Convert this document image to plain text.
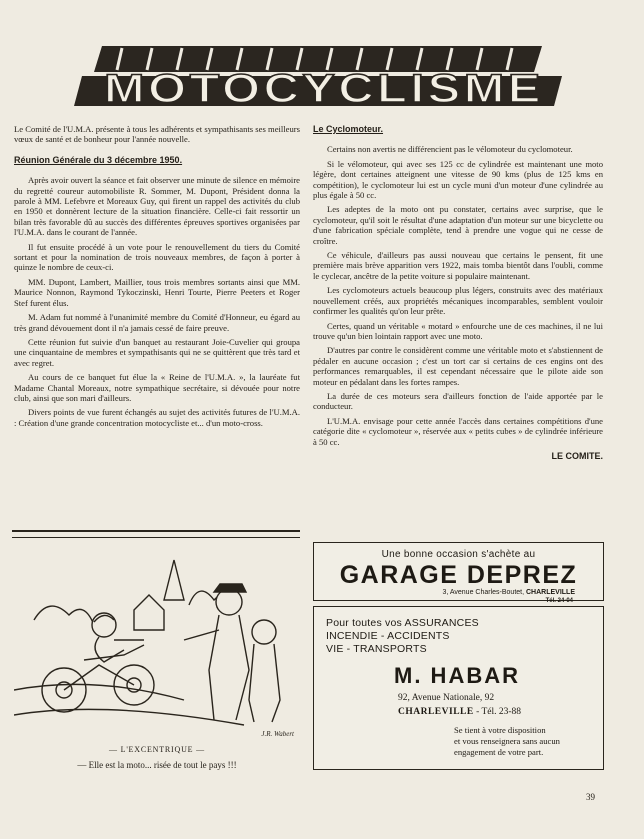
MOTOCYCLISME

Le Comité de l'U.M.A. présente à tous les adhérents et sympathisants ses meilleurs vœux de santé et de bonheur pour l'année nouvelle.

Réunion Générale du 3 décembre 1950.

Après avoir ouvert la séance et fait observer une minute de silence en mémoire du regretté coureur automobiliste R. Sommer, M. Dupont, Président donna la parole à MM. Lefebvre et Moreaux Guy, qui firent un rappel des activités du club en 1950 et donnèrent lecture de la situation financière. Celle-ci fait ressortir un bilan très favorable dû au succès des différentes épreuves sportives organisées par l'U.M.A. dans le courant de l'année.

Il fut ensuite procédé à un vote pour le renouvellement du tiers du Comité sortant et pour la nomination de trois nouveaux membres, de façon à porter à quinze le nombre de ceux-ci.

MM. Dupont, Lambert, Maillier, tous trois membres sortants ainsi que MM. Maurice Nonnon, Raymond Tykoczinski, Henri Tourte, Pierre Peeters et Roger Stef furent élus.

M. Adam fut nommé à l'unanimité membre du Comité d'Honneur, eu égard au très grand dévouement dont il n'a jamais cessé de faire preuve.

Cette réunion fut suivie d'un banquet au restaurant Joie-Cuvelier qui groupa une cinquantaine de membres et sympathisants qui ne se quittèrent que très tard et avec regret.

Au cours de ce banquet fut élue la « Reine de l'U.M.A. », la lauréate fut Madame Chantal Moreaux, notre sympathique secrétaire, si dévouée pour notre club, ainsi que son mari d'ailleurs.

Divers points de vue furent échangés au sujet des activités futures de l'U.M.A. : Création d'une grande concentration motocycliste et... d'un moto-cross.

Le Cyclomoteur.

Certains non avertis ne différencient pas le vélomoteur du cyclomoteur.

Si le vélomoteur, qui avec ses 125 cc de cylindrée est maintenant une moto légère, dont certaines atteignent une vitesse de 90 kms (plus de 125 kms en compétition), le cyclomoteur lui est un cycle muni d'un moteur d'une cylindrée au plus égale à 50 cc.

Les adeptes de la moto ont pu constater, certains avec surprise, que le cyclomoteur, qu'il soit le résultat d'une adaptation d'un moteur sur une bicyclette ou d'une fabrication spéciale complète, tend à prendre une vogue qui ne cesse de croître.

Ce véhicule, d'ailleurs pas aussi nouveau que certains le pensent, fit une première mais brève apparition vers 1922, mais tomba bientôt dans l'oubli, comme le cyclecar, ancêtre de la petite voiture si populaire maintenant.

Les cyclomoteurs actuels beaucoup plus légers, construits avec des matériaux nouvellement créés, aux propriétés mécaniques incomparables, semblent vouloir confirmer les qualités qu'on leur prête.

Certes, quand un véritable « motard » enfourche une de ces machines, il ne lui trouve qu'un bien lointain rapport avec une moto.

D'autres par contre le considèrent comme une véritable moto et s'abstiennent de pédaler en aucune occasion ; c'est un tort car si certains de ces engins ont des performances remarquables, il est cependant nécessaire que le pilote aide son moteur en pédalant dans les fortes rampes.

La durée de ces moteurs sera d'ailleurs fonction de l'aide apportée par le conducteur.

L'U.M.A. envisage pour cette année l'accès dans certaines compétitions d'une catégorie dite « cyclomoteur », réservée aux « petits cubes » de cylindrée inférieure à 50 cc.

LE COMITE.
J.R. Wabert
— L'EXCENTRIQUE —
— Elle est la moto... risée de tout le pays !!!
Une bonne occasion s'achète au
GARAGE DEPREZ
3, Avenue Charles-Boutet, CHARLEVILLE
Tél. 24-04
Pour toutes vos ASSURANCES
INCENDIE - ACCIDENTS
VIE - TRANSPORTS
M. HABAR
92, Avenue Nationale, 92
CHARLEVILLE - Tél. 23-88
Se tient à votre disposition
et vous renseignera sans aucun
engagement de votre part.
39
